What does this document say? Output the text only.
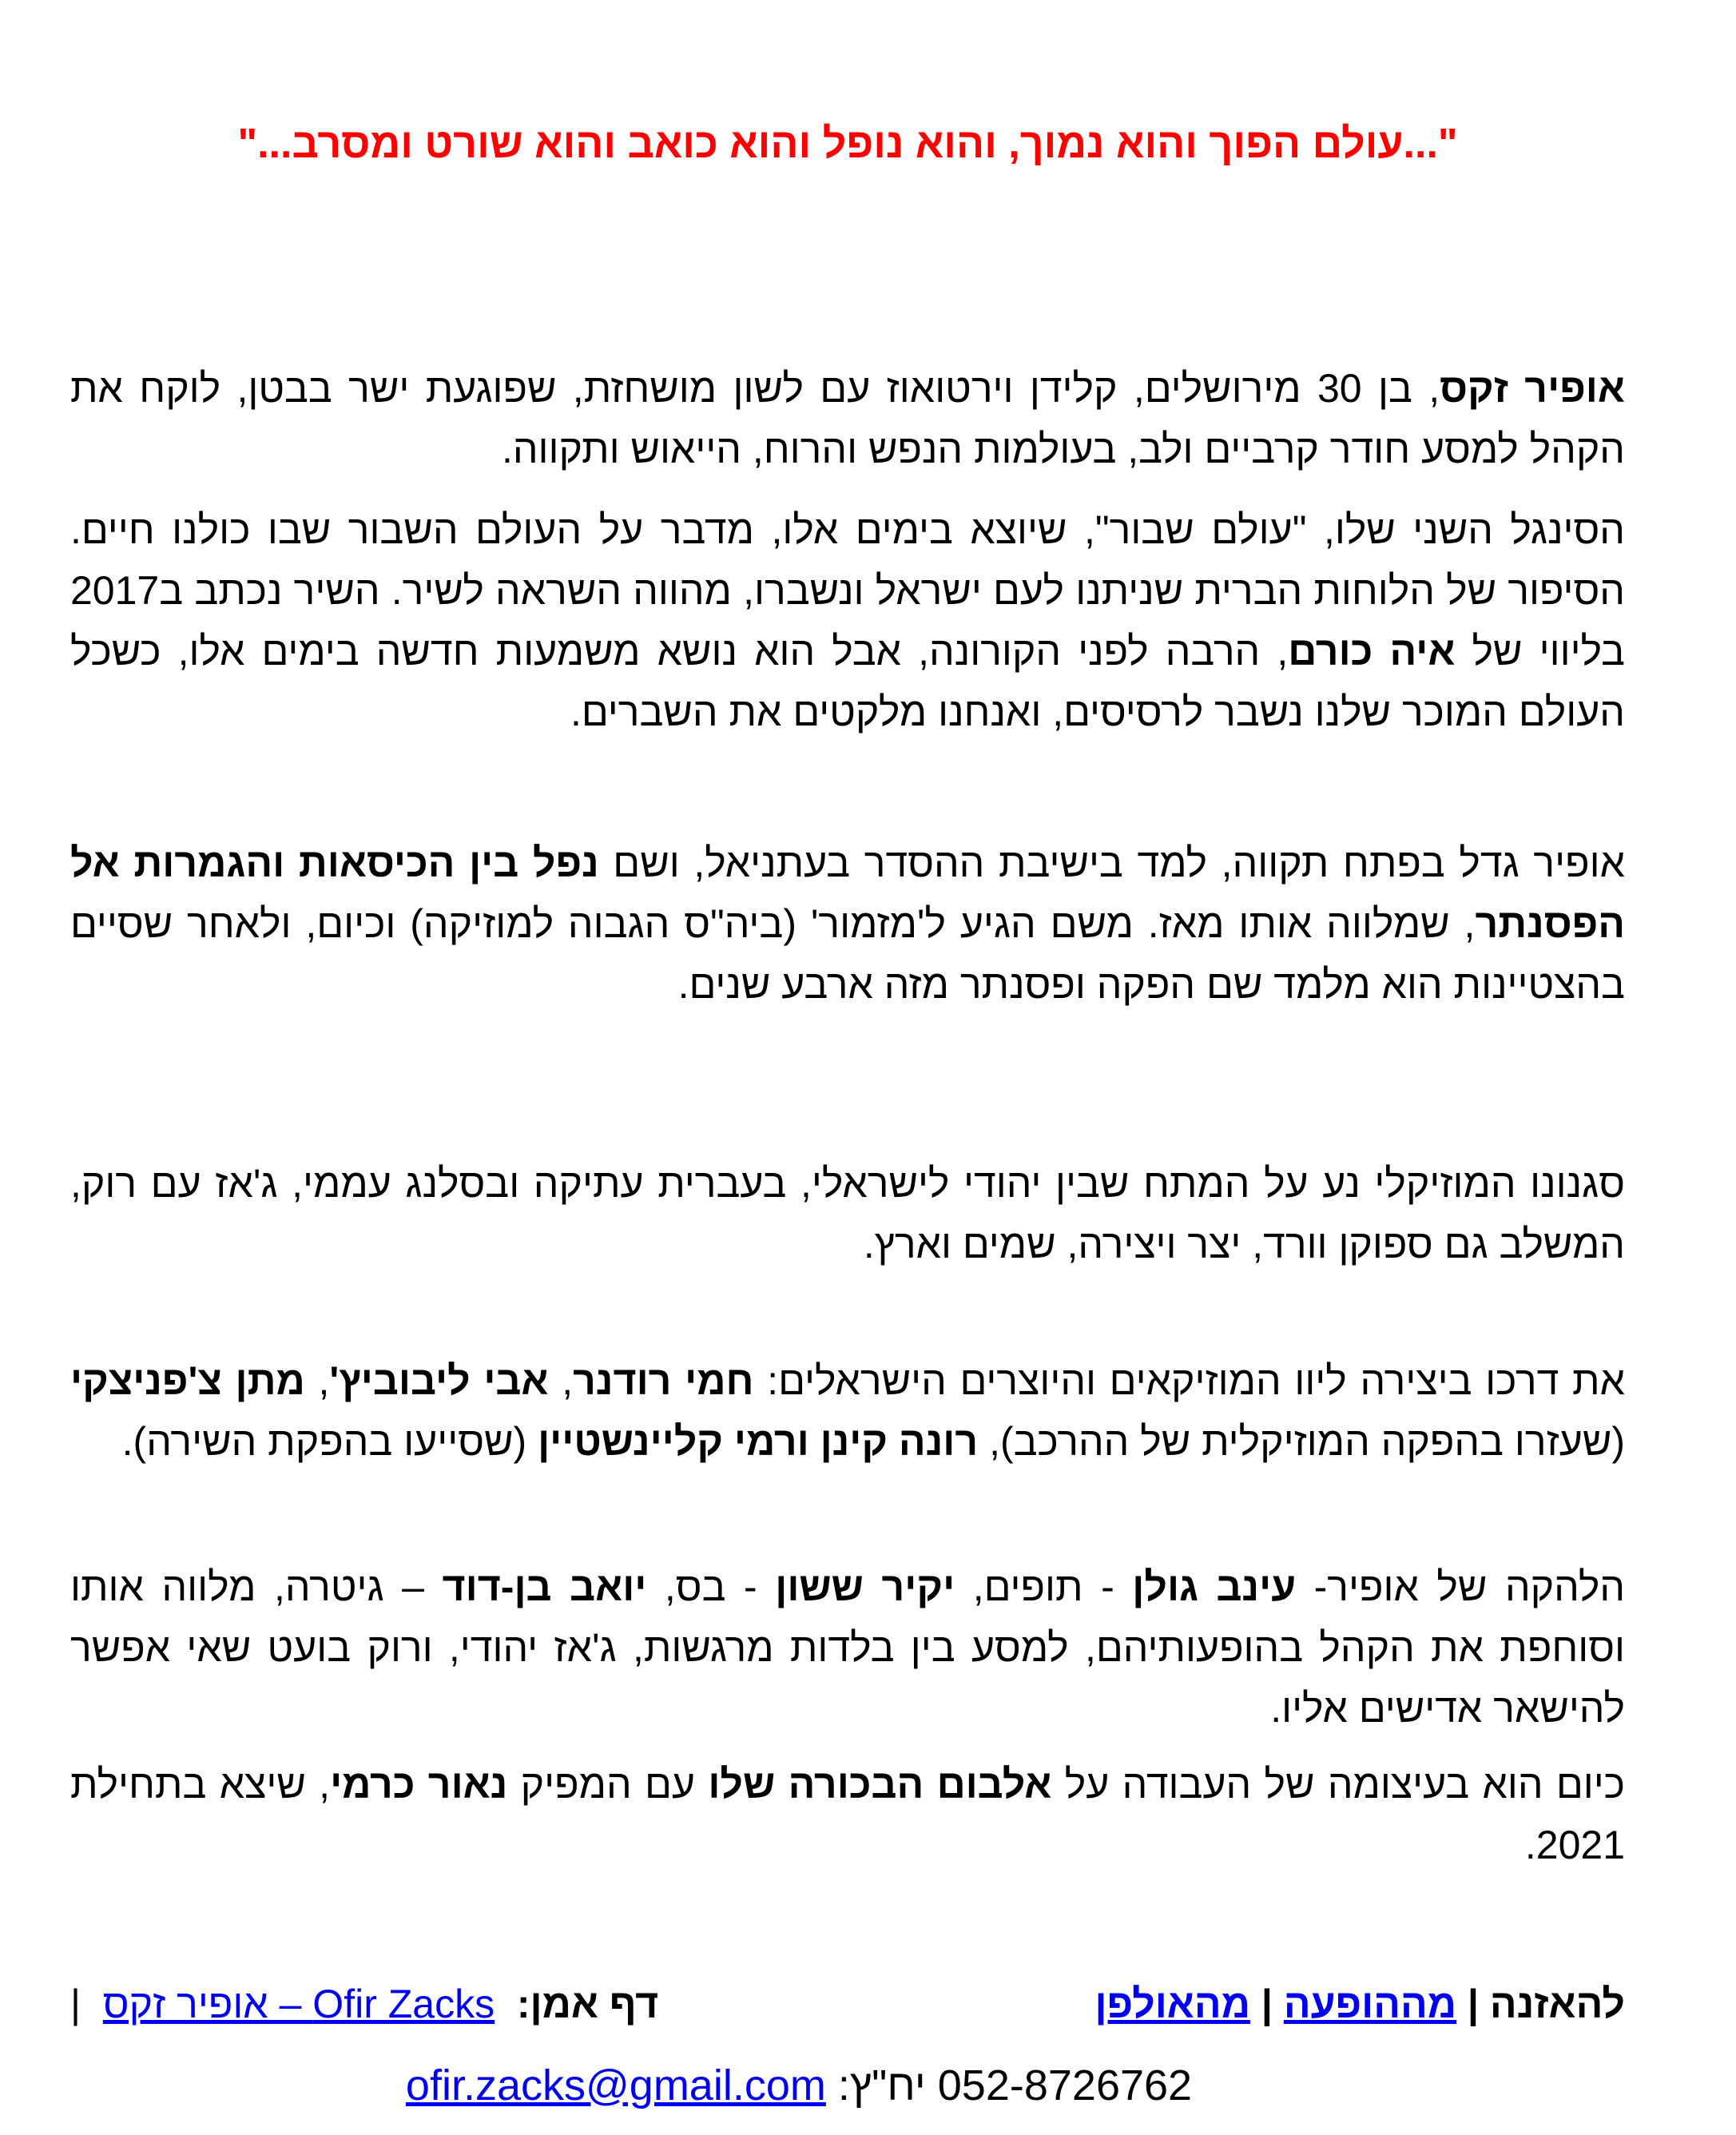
"...עולם הפוך והוא נמוך, והוא נופל והוא כואב והוא שורט ומסרב..."

אופיר זקס, בן 30 מירושלים, קלידן וירטואוז עם לשון מושחזת, שפוגעת ישר בבטן, לוקח את הקהל למסע חודר קרביים ולב, בעולמות הנפש והרוח, הייאוש ותקווה.

הסינגל השני שלו, "עולם שבור", שיוצא בימים אלו, מדבר על העולם השבור שבו כולנו חיים. הסיפור של הלוחות הברית שניתנו לעם ישראל ונשברו, מהווה השראה לשיר. השיר נכתב ב2017 בליווי של איה כורם, הרבה לפני הקורונה, אבל הוא נושא משמעות חדשה בימים אלו, כשכל העולם המוכר שלנו נשבר לרסיסים, ואנחנו מלקטים את השברים.

אופיר גדל בפתח תקווה, למד בישיבת ההסדר בעתניאל, ושם נפל בין הכיסאות והגמרות אל הפסנתר, שמלווה אותו מאז. משם הגיע ל'מזמור' (ביה"ס הגבוה למוזיקה) וכיום, ולאחר שסיים בהצטיינות הוא מלמד שם הפקה ופסנתר מזה ארבע שנים.

סגנונו המוזיקלי נע על המתח שבין יהודי לישראלי, בעברית עתיקה ובסלנג עממי, ג'אז עם רוק, המשלב גם ספוקן וורד, יצר ויצירה, שמים וארץ.

את דרכו ביצירה ליוו המוזיקאים והיוצרים הישראלים: חמי רודנר, אבי ליבוביץ', מתן צ'פניצקי (שעזרו בהפקה המוזיקלית של ההרכב), רונה קינן ורמי קליינשטיין (שסייעו בהפקת השירה).

הלהקה של אופיר- עינב גולן - תופים, יקיר ששון - בס, יואב בן-דוד – גיטרה, מלווה אותו וסוחפת את הקהל בהופעותיהם, למסע בין בלדות מרגשות, ג'אז יהודי, ורוק בועט שאי אפשר להישאר אדישים אליו.

כיום הוא בעיצומה של העבודה על אלבום הבכורה שלו עם המפיק נאור כרמי, שיצא בתחילת 2021.

להאזנה | מההופעה | מהאולפן
דף אמן:  Ofir Zacks – אופיר זקס  |
052-8726762 יח"ץ: ofir.zacks@gmail.com
